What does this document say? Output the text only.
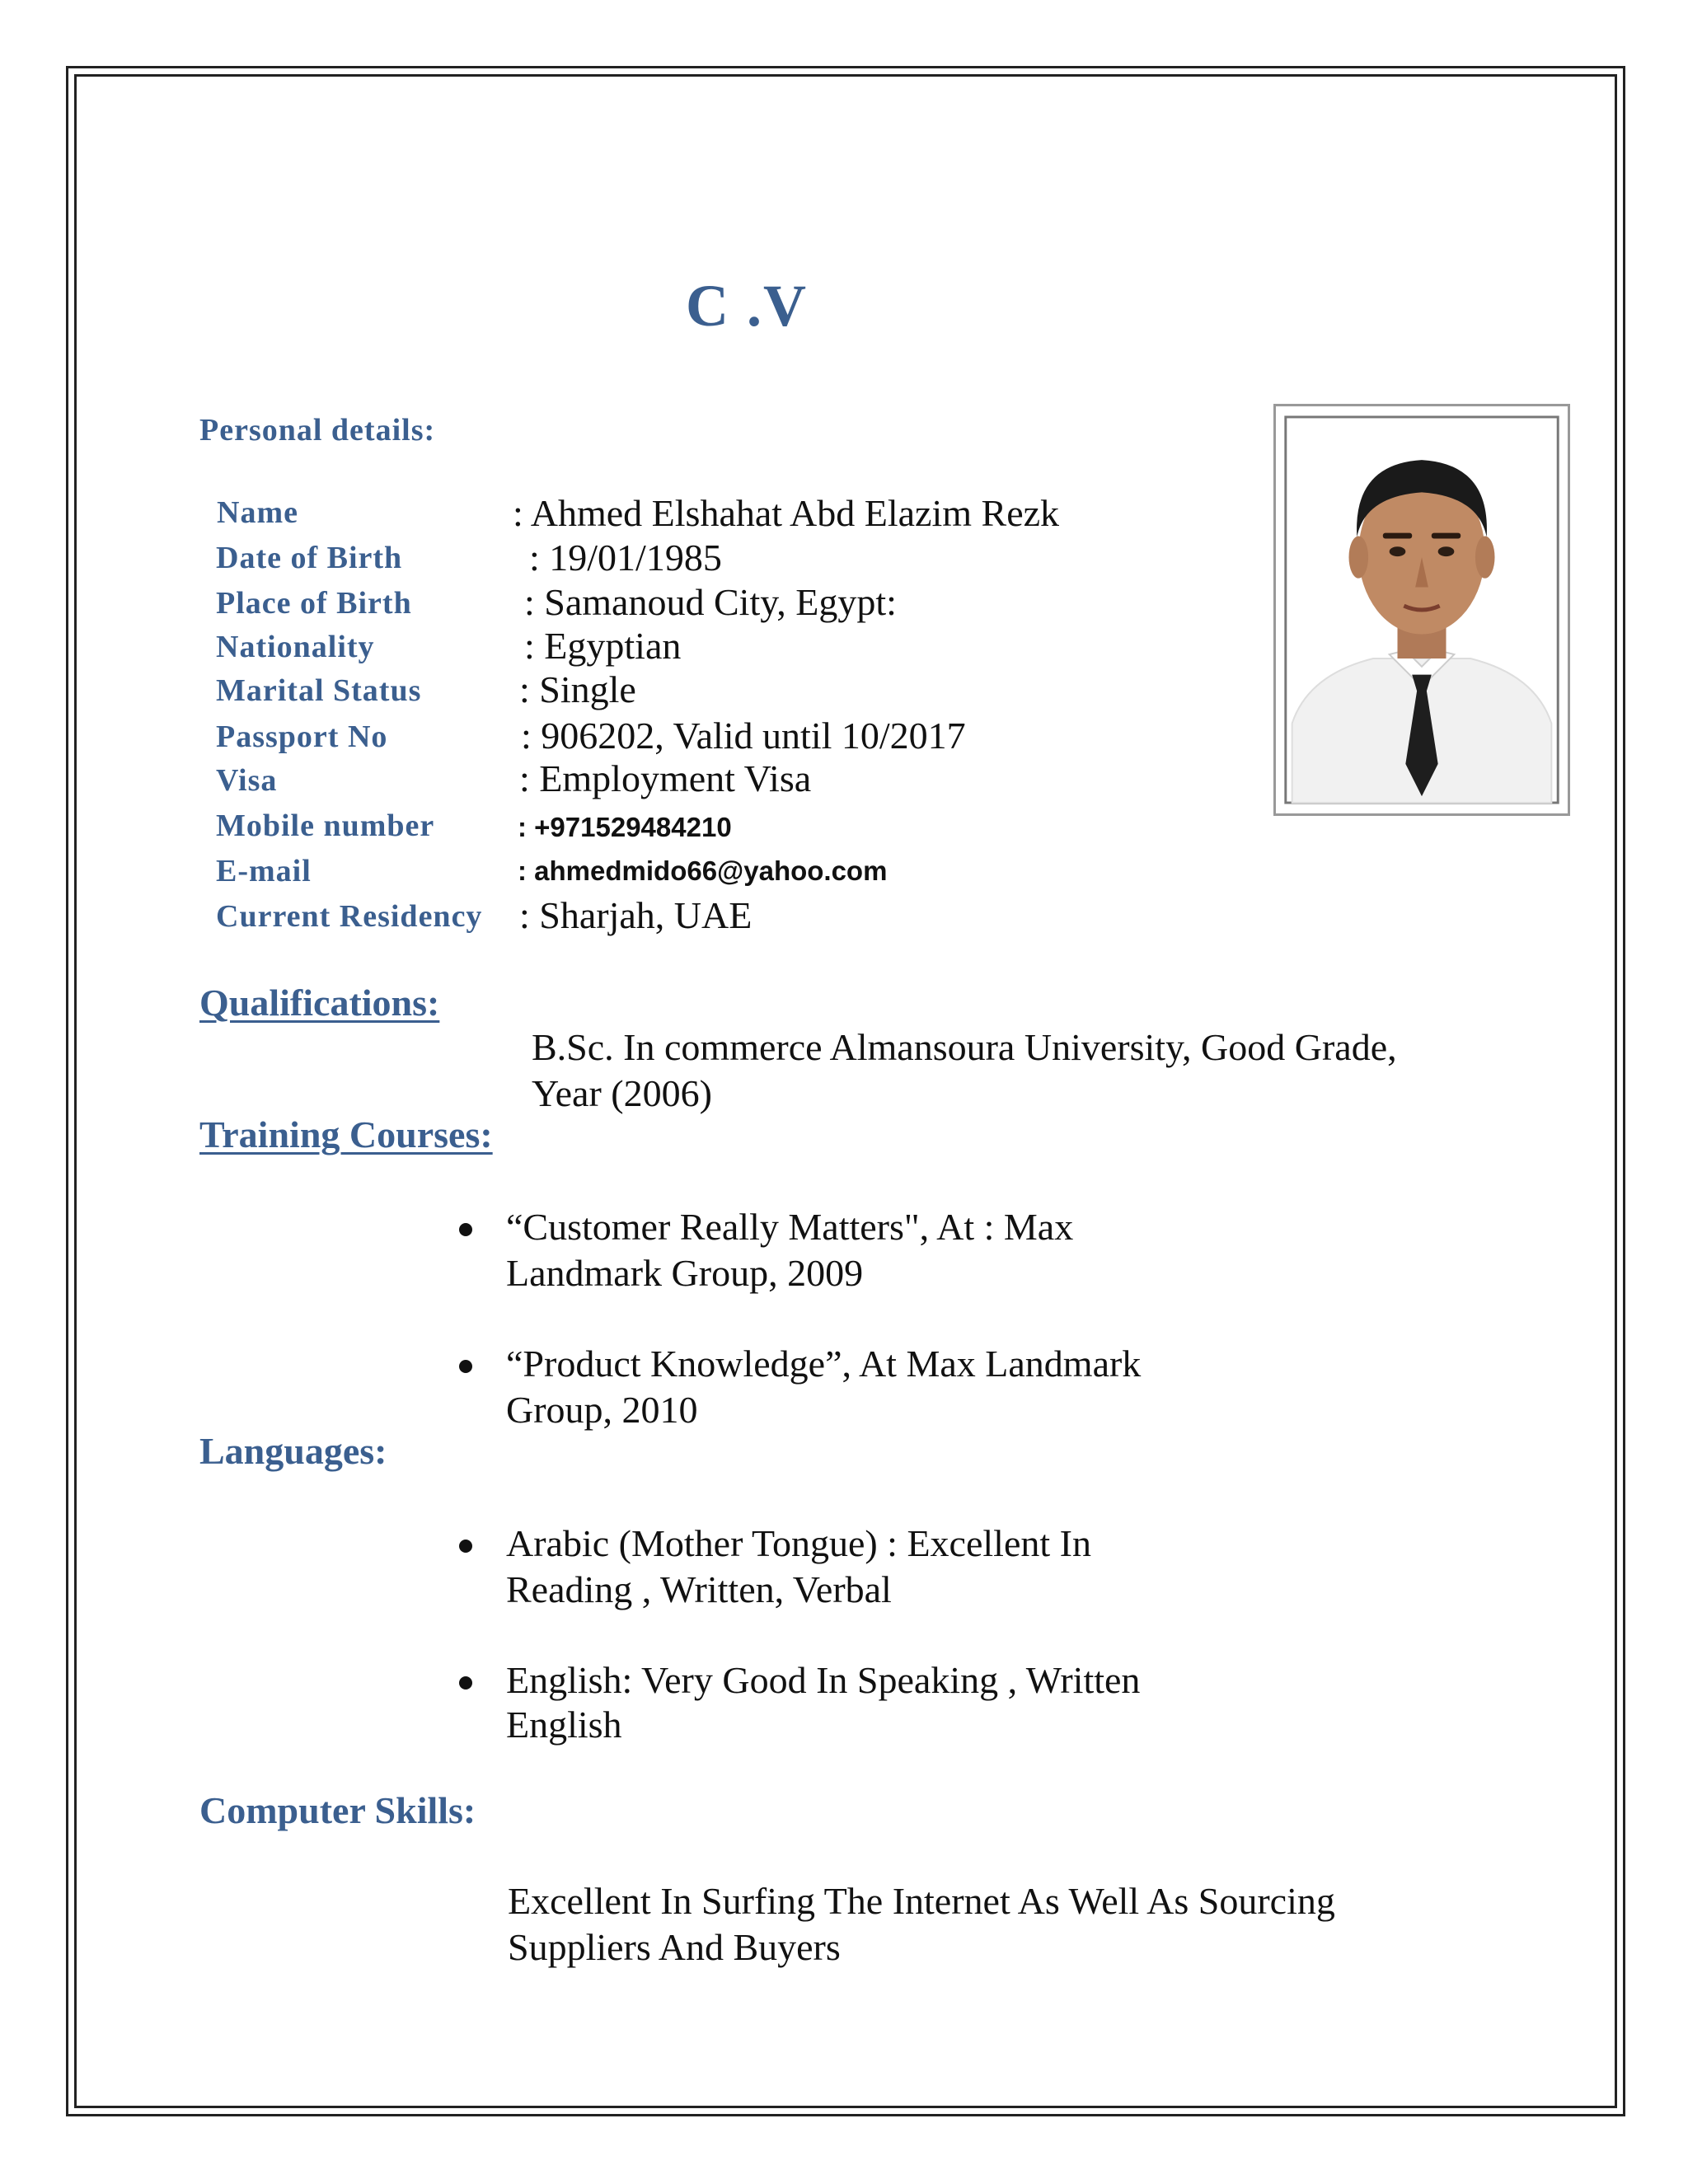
C .V
Personal details:
Name	: Ahmed Elshahat Abd Elazim Rezk
Date of Birth	: 19/01/1985
Place of Birth	: Samanoud City, Egypt:
Nationality	: Egyptian
Marital Status	: Single
Passport No	: 906202, Valid until 10/2017
Visa	: Employment Visa
Mobile number	: +971529484210
E-mail	: ahmedmido66@yahoo.com
Current Residency : Sharjah, UAE
Qualifications:
B.Sc. In commerce Almansoura University, Good Grade,
Year (2006)
Training Courses:
“Customer Really Matters", At : Max
Landmark Group, 2009
“Product Knowledge”, At Max Landmark
Group, 2010
Languages:
Arabic (Mother Tongue) : Excellent In
Reading , Written, Verbal
English: Very Good In Speaking , Written
English
Computer Skills:
Excellent In Surfing The Internet As Well As Sourcing
Suppliers And Buyers
